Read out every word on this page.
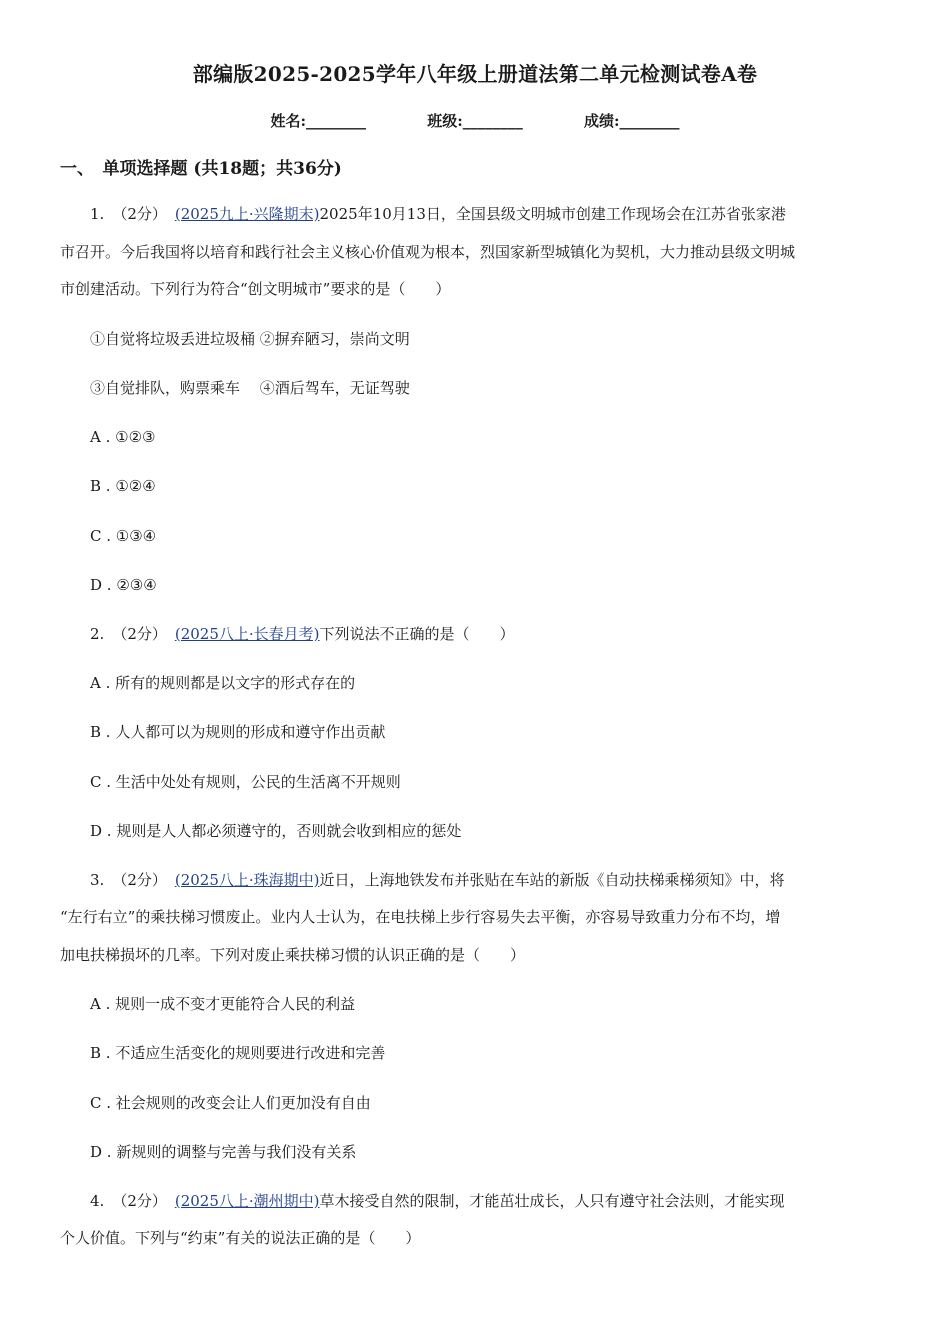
部编版2025-2025学年八年级上册道法第二单元检测试卷A卷
姓名:________	班级:________	成绩:________
一、　单项选择题 (共18题；共36分)
1. （2分） (2025九上·兴隆期末)2025年10月13日，全国县级文明城市创建工作现场会在江苏省张家港
市召开。今后我国将以培育和践行社会主义核心价值观为根本，烈国家新型城镇化为契机，大力推动县级文明城
市创建活动。下列行为符合“创文明城市”要求的是（　　）
①自觉将垃圾丢进垃圾桶 ②摒弃陋习，崇尚文明
③自觉排队，购票乘车　 ④酒后驾车，无证驾驶
A . ①②③
B . ①②④
C . ①③④
D . ②③④
2. （2分） (2025八上·长春月考)下列说法不正确的是（　　）
A . 所有的规则都是以文字的形式存在的
B . 人人都可以为规则的形成和遵守作出贡献
C . 生活中处处有规则，公民的生活离不开规则
D . 规则是人人都必须遵守的，否则就会收到相应的惩处
3. （2分） (2025八上·珠海期中)近日，上海地铁发布并张贴在车站的新版《自动扶梯乘梯须知》中，将
“左行右立”的乘扶梯习惯废止。业内人士认为，在电扶梯上步行容易失去平衡，亦容易导致重力分布不均，增
加电扶梯损坏的几率。下列对废止乘扶梯习惯的认识正确的是（　　）
A . 规则一成不变才更能符合人民的利益
B . 不适应生活变化的规则要进行改进和完善
C . 社会规则的改变会让人们更加没有自由
D . 新规则的调整与完善与我们没有关系
4. （2分） (2025八上·潮州期中)草木接受自然的限制，才能茁壮成长，人只有遵守社会法则，才能实现
个人价值。下列与“约束”有关的说法正确的是（　　）
